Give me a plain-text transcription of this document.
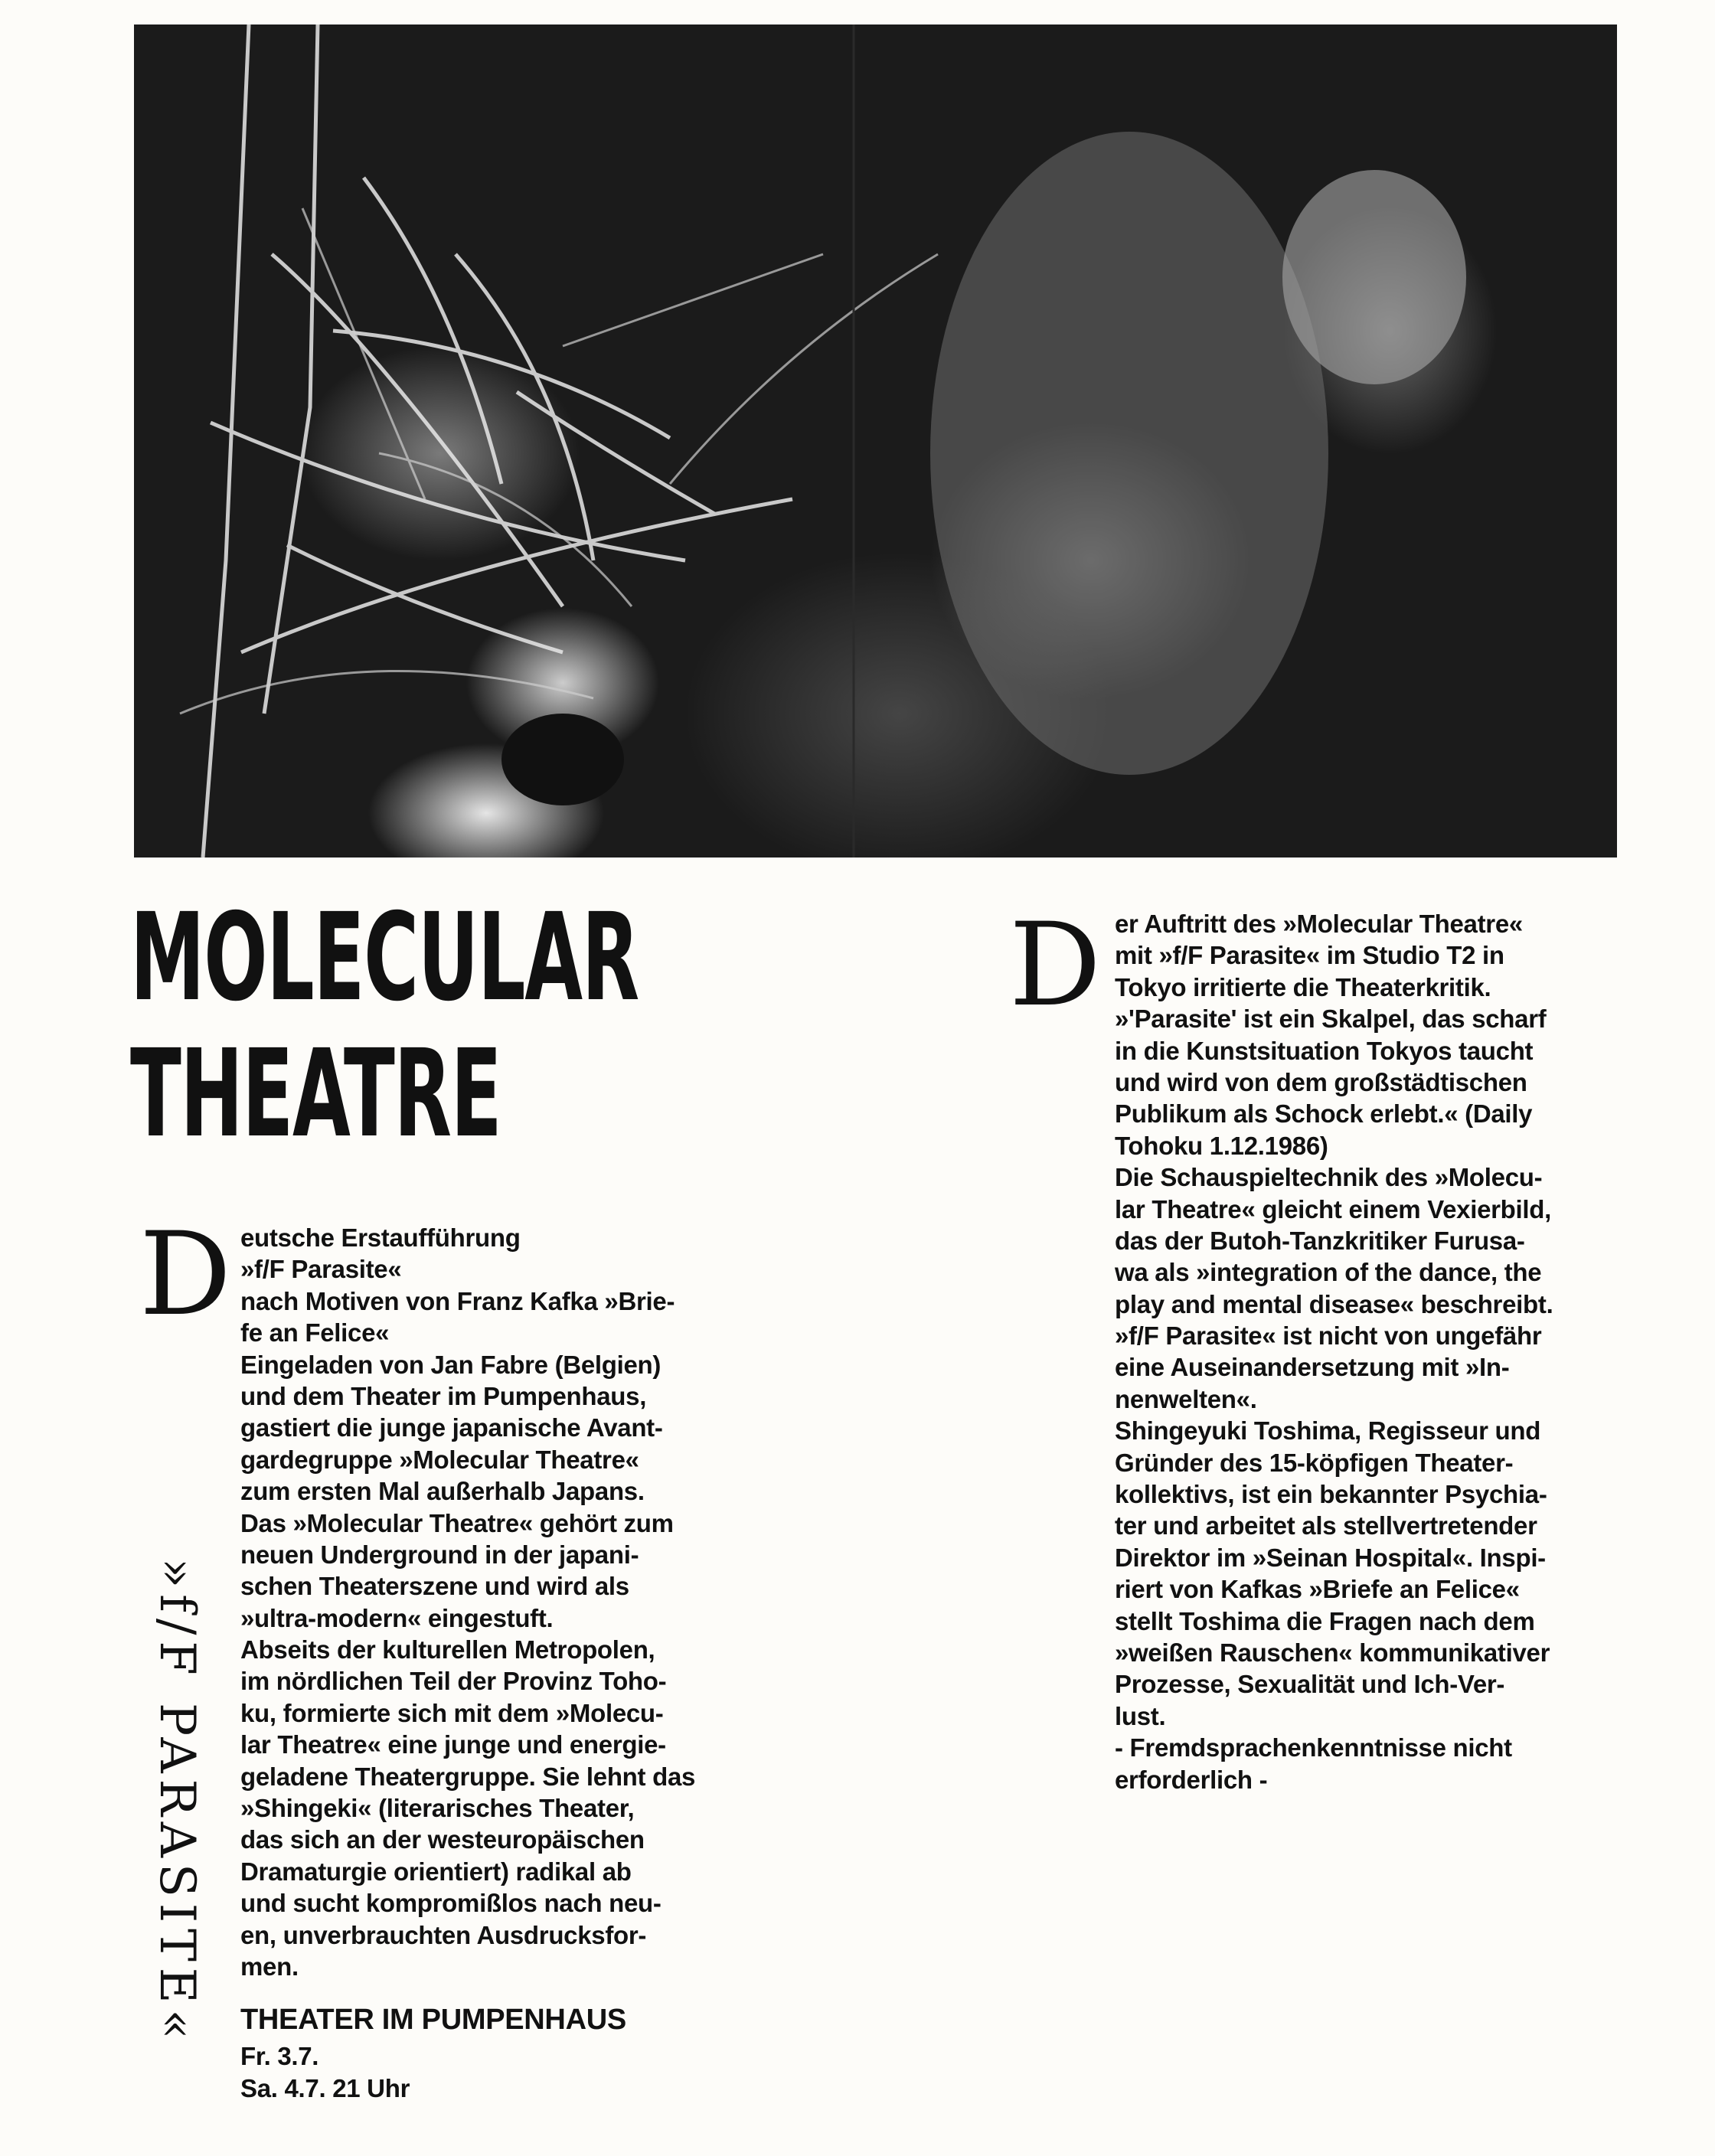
MOLECULAR
THEATRE
D eutsche Erstaufführung
»f/F Parasite«
nach Motiven von Franz Kafka »Brie-
fe an Felice«
Eingeladen von Jan Fabre (Belgien)
und dem Theater im Pumpenhaus,
gastiert die junge japanische Avant-
gardegruppe »Molecular Theatre«
zum ersten Mal außerhalb Japans.
Das »Molecular Theatre« gehört zum
neuen Underground in der japani-
schen Theaterszene und wird als
»ultra-modern« eingestuft.
Abseits der kulturellen Metropolen,
im nördlichen Teil der Provinz Toho-
ku, formierte sich mit dem »Molecu-
lar Theatre« eine junge und energie-
geladene Theatergruppe. Sie lehnt das
»Shingeki« (literarisches Theater,
das sich an der westeuropäischen
Dramaturgie orientiert) radikal ab
und sucht kompromißlos nach neu-
en, unverbrauchten Ausdrucksfor-
men.
THEATER IM PUMPENHAUS
Fr. 3.7.
Sa. 4.7. 21 Uhr
»f/F PARASITE«
D er Auftritt des »Molecular Theatre«
mit »f/F Parasite« im Studio T2 in
Tokyo irritierte die Theaterkritik.
»'Parasite' ist ein Skalpel, das scharf
in die Kunstsituation Tokyos taucht
und wird von dem großstädtischen
Publikum als Schock erlebt.« (Daily
Tohoku 1.12.1986)
Die Schauspieltechnik des »Molecu-
lar Theatre« gleicht einem Vexierbild,
das der Butoh-Tanzkritiker Furusa-
wa als »integration of the dance, the
play and mental disease« beschreibt.
»f/F Parasite« ist nicht von ungefähr
eine Auseinandersetzung mit »In-
nenwelten«.
Shingeyuki Toshima, Regisseur und
Gründer des 15-köpfigen Theater-
kollektivs, ist ein bekannter Psychia-
ter und arbeitet als stellvertretender
Direktor im »Seinan Hospital«. Inspi-
riert von Kafkas »Briefe an Felice«
stellt Toshima die Fragen nach dem
»weißen Rauschen« kommunikativer
Prozesse, Sexualität und Ich-Ver-
lust.
- Fremdsprachenkenntnisse nicht
erforderlich -
